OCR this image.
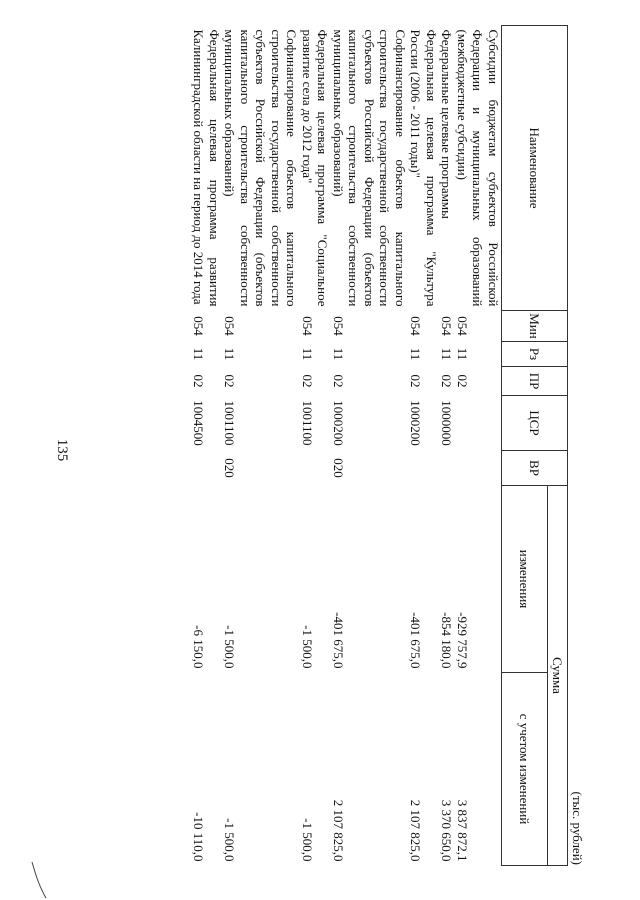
135
(тыс. рублей)
Наименование	Мин	Рз	ПР	ЦСР	ВР	Сумма	
						изменения	с учетом изменений
Субсидии бюджетам субъектов Российской Федерации и муниципальных образований (межбюджетные субсидии)	054	11	02			-929 757,9	3 837 872,1
Федеральные целевые программы	054	11	02	1000000		-854 180,0	3 370 650,0
Федеральная целевая программа "Культура России (2006 - 2011 годы)"	054	11	02	1000200		-401 675,0	2 107 825,0
Софинансирование объектов капитального строительства государственной собственности субъектов Российской Федерации (объектов капитального строительства собственности муниципальных образований)	054	11	02	1000200	020	-401 675,0	2 107 825,0
Федеральная целевая программа "Социальное развитие села до 2012 года"	054	11	02	1001100		-1 500,0	-1 500,0
Софинансирование объектов капитального строительства государственной собственности субъектов Российской Федерации (объектов капитального строительства собственности муниципальных образований)	054	11	02	1001100	020	-1 500,0	-1 500,0
Федеральная целевая программа развития Калининградской области на период до 2014 года	054	11	02	1004500		-6 150,0	-10 110,0
